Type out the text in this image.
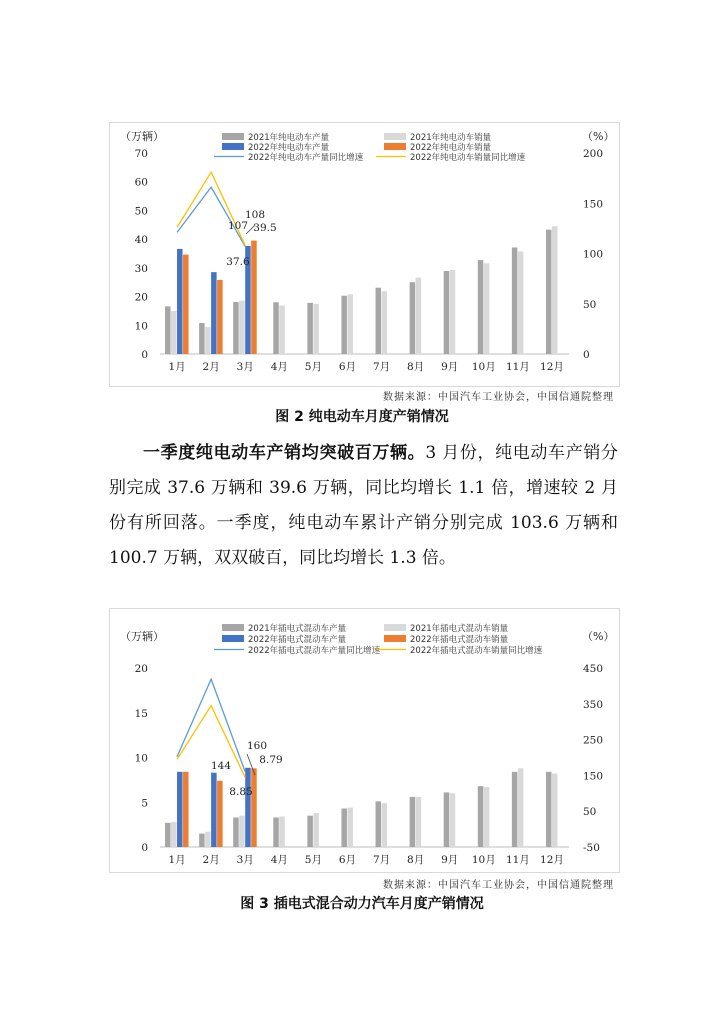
（万辆）	（%）
0
10
20
30
40
50
60
70
0
50
100
150
200
1月 2月 3月 4月 5月 6月 7月 8月 9月 10月 11月 12月
2021年纯电动车产量	2021年纯电动车销量
2022年纯电动车产量	2022年纯电动车销量
2022年纯电动车产量同比增速	2022年纯电动车销量同比增速
107
108
37.6
39.5
数据来源：中国汽车工业协会，中国信通院整理
图 2 纯电动车月度产销情况

一季度纯电动车产销均突破百万辆。3 月份，纯电动车产销分别完成 37.6 万辆和 39.6 万辆，同比均增长 1.1 倍，增速较 2 月份有所回落。一季度，纯电动车累计产销分别完成 103.6 万辆和 100.7 万辆，双双破百，同比均增长 1.3 倍。

（万辆）	（%）
0
5
10
15
20
-50
50
150
250
350
450
1月 2月 3月 4月 5月 6月 7月 8月 9月 10月 11月 12月
2021年插电式混动车产量	2021年插电式混动车销量
2022年插电式混动车产量	2022年插电式混动车销量
2022年插电式混动车产量同比增速	2022年插电式混动车销量同比增速
144
160
8.85
8.79
数据来源：中国汽车工业协会，中国信通院整理
图 3 插电式混合动力汽车月度产销情况
